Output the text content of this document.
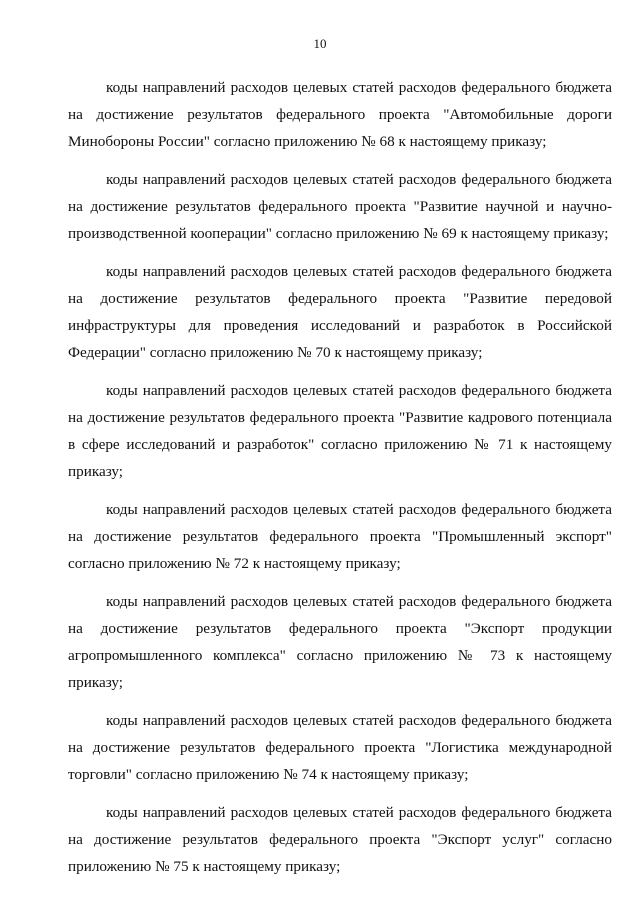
10

коды направлений расходов целевых статей расходов федерального бюджета
на достижение результатов федерального проекта "Автомобильные дороги
Минобороны России" согласно приложению № 68 к настоящему приказу;

коды направлений расходов целевых статей расходов федерального бюджета
на достижение результатов федерального проекта "Развитие научной и научно-
производственной кооперации" согласно приложению № 69 к настоящему приказу;

коды направлений расходов целевых статей расходов федерального бюджета
на достижение результатов федерального проекта "Развитие передовой
инфраструктуры для проведения исследований и разработок в Российской
Федерации" согласно приложению № 70 к настоящему приказу;

коды направлений расходов целевых статей расходов федерального бюджета
на достижение результатов федерального проекта "Развитие кадрового потенциала
в сфере исследований и разработок" согласно приложению № 71 к настоящему
приказу;

коды направлений расходов целевых статей расходов федерального бюджета
на достижение результатов федерального проекта "Промышленный экспорт"
согласно приложению № 72 к настоящему приказу;

коды направлений расходов целевых статей расходов федерального бюджета
на достижение результатов федерального проекта "Экспорт продукции
агропромышленного комплекса" согласно приложению № 73 к настоящему
приказу;

коды направлений расходов целевых статей расходов федерального бюджета
на достижение результатов федерального проекта "Логистика международной
торговли" согласно приложению № 74 к настоящему приказу;

коды направлений расходов целевых статей расходов федерального бюджета
на достижение результатов федерального проекта "Экспорт услуг" согласно
приложению № 75 к настоящему приказу;
